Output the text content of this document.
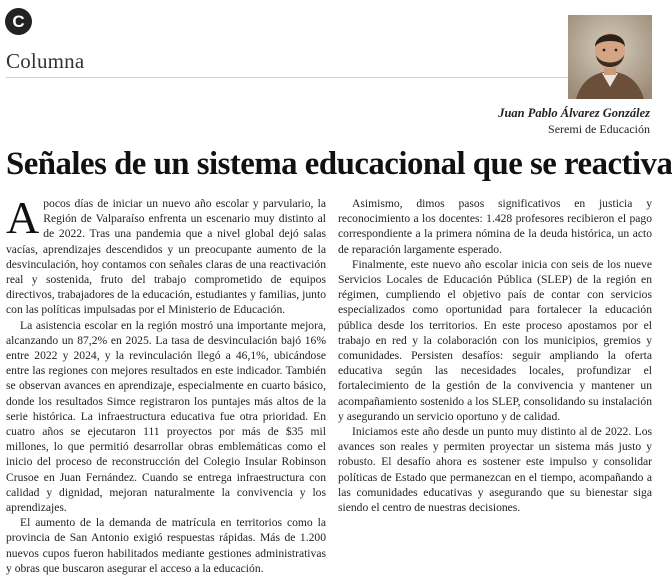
C
Columna
Juan Pablo Álvarez González
Seremi de Educación
Señales de un sistema educacional que se reactiva

A pocos días de iniciar un nuevo año escolar y parvulario, la Región de Valparaíso enfrenta un escenario muy distinto al de 2022. Tras una pandemia que a nivel global dejó salas vacías, aprendizajes descendidos y un preocupante aumento de la desvinculación, hoy contamos con señales claras de una reactivación real y sostenida, fruto del trabajo comprometido de equipos directivos, trabajadores de la educación, estudiantes y familias, junto con las políticas impulsadas por el Ministerio de Educación.

La asistencia escolar en la región mostró una importante mejora, alcanzando un 87,2% en 2025. La tasa de desvinculación bajó 16% entre 2022 y 2024, y la revinculación llegó a 46,1%, ubicándose entre las regiones con mejores resultados en este indicador. También se observan avances en aprendizaje, especialmente en cuarto básico, donde los resultados Simce registraron los puntajes más altos de la serie histórica. La infraestructura educativa fue otra prioridad. En cuatro años se ejecutaron 111 proyectos por más de $35 mil millones, lo que permitió desarrollar obras emblemáticas como el inicio del proceso de reconstrucción del Colegio Insular Robinson Crusoe en Juan Fernández. Cuando se entrega infraestructura con calidad y dignidad, mejoran naturalmente la convivencia y los aprendizajes.

El aumento de la demanda de matrícula en territorios como la provincia de San Antonio exigió respuestas rápidas. Más de 1.200 nuevos cupos fueron habilitados mediante gestiones administrativas y obras que buscaron asegurar el acceso a la educación.

Asimismo, dimos pasos significativos en justicia y reconocimiento a los docentes: 1.428 profesores recibieron el pago correspondiente a la primera nómina de la deuda histórica, un acto de reparación largamente esperado.

Finalmente, este nuevo año escolar inicia con seis de los nueve Servicios Locales de Educación Pública (SLEP) de la región en régimen, cumpliendo el objetivo país de contar con servicios especializados como oportunidad para fortalecer la educación pública desde los territorios. En este proceso apostamos por el trabajo en red y la colaboración con los municipios, gremios y comunidades. Persisten desafíos: seguir ampliando la oferta educativa según las necesidades locales, profundizar el fortalecimiento de la gestión de la convivencia y mantener un acompañamiento sostenido a los SLEP, consolidando su instalación y asegurando un servicio oportuno y de calidad.

Iniciamos este año desde un punto muy distinto al de 2022. Los avances son reales y permiten proyectar un sistema más justo y robusto. El desafío ahora es sostener este impulso y consolidar políticas de Estado que permanezcan en el tiempo, acompañando a las comunidades educativas y asegurando que su bienestar siga siendo el centro de nuestras decisiones.
